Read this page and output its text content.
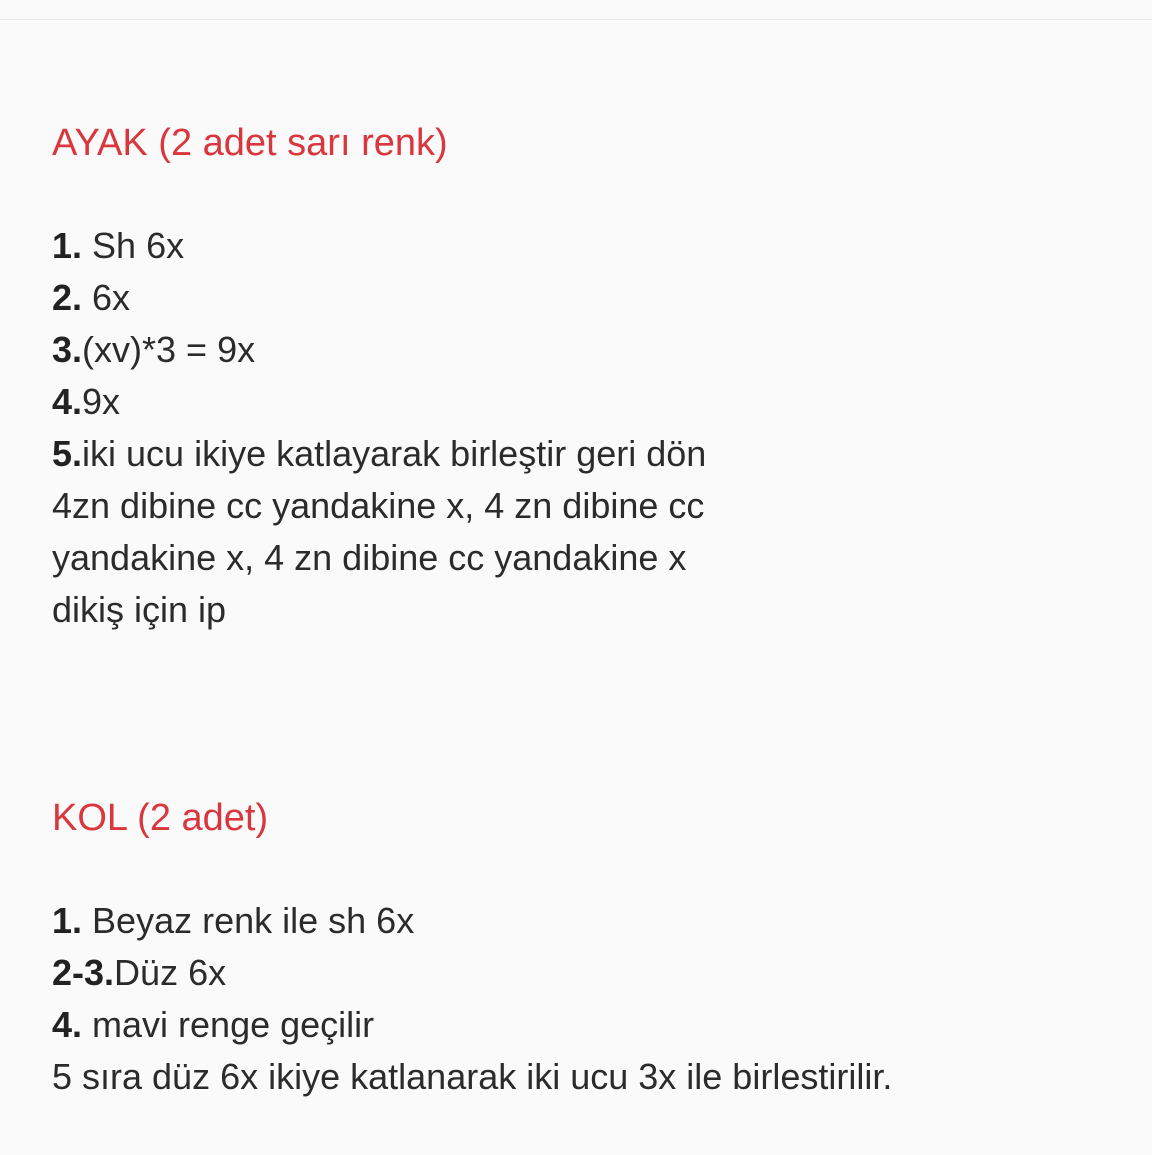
AYAK (2 adet sarı renk)
1. Sh 6x
2. 6x
3.(xv)*3 = 9x
4.9x
5.iki ucu ikiye katlayarak birleştir geri dön
4zn dibine cc yandakine x, 4 zn dibine cc
yandakine x, 4 zn dibine cc yandakine x
dikiş için ip
KOL (2 adet)
1. Beyaz renk ile sh 6x
2-3.Düz 6x
4. mavi renge geçilir
5 sıra düz 6x ikiye katlanarak iki ucu 3x ile birlestirilir.
